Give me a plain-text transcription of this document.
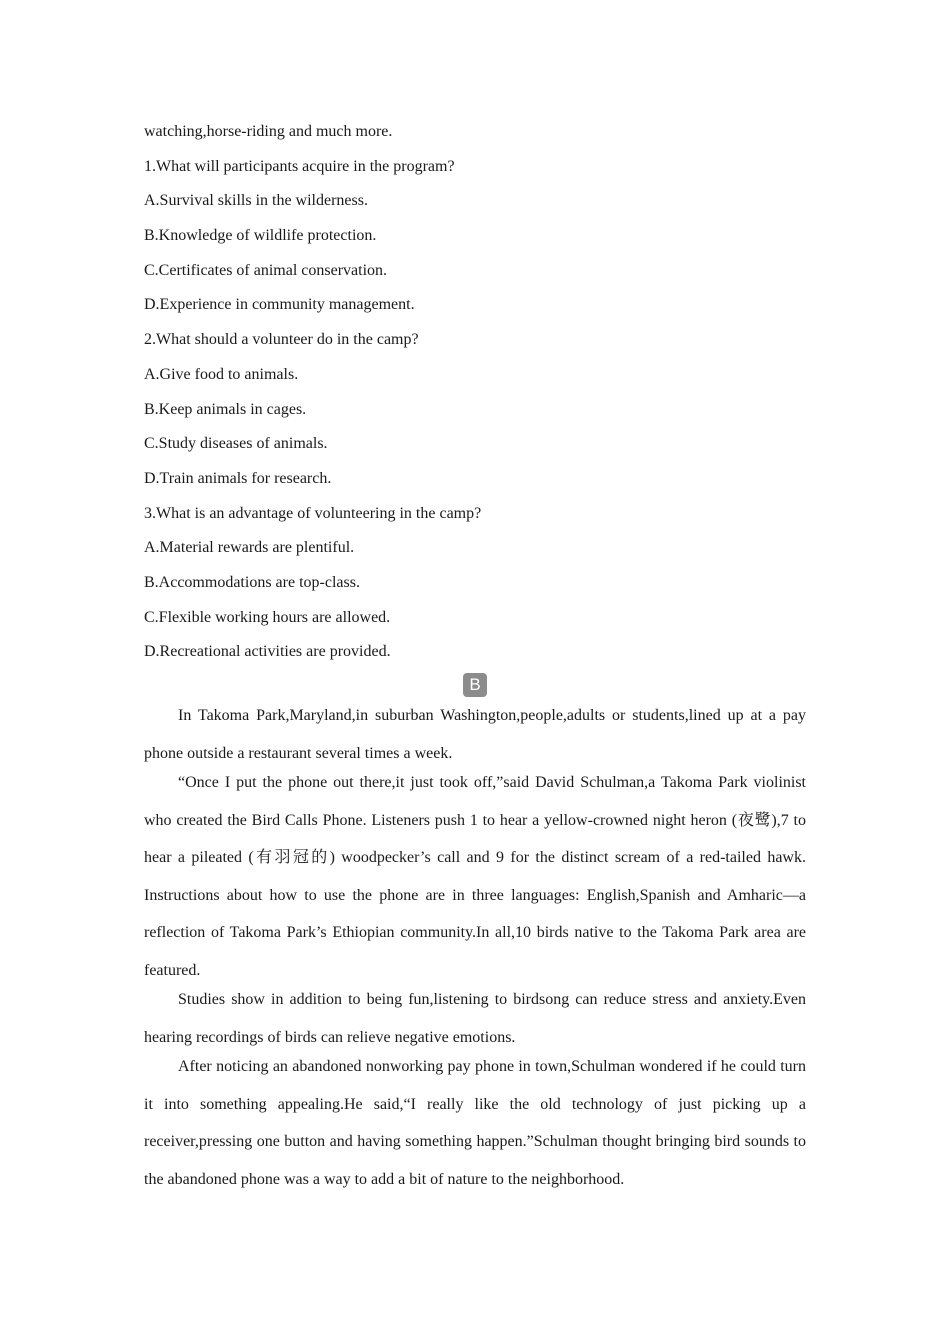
watching,horse-riding and much more.
1.What will participants acquire in the program?
A.Survival skills in the wilderness.
B.Knowledge of wildlife protection.
C.Certificates of animal conservation.
D.Experience in community management.
2.What should a volunteer do in the camp?
A.Give food to animals.
B.Keep animals in cages.
C.Study diseases of animals.
D.Train animals for research.
3.What is an advantage of volunteering in the camp?
A.Material rewards are plentiful.
B.Accommodations are top-class.
C.Flexible working hours are allowed.
D.Recreational activities are provided.
B

In Takoma Park,Maryland,in suburban Washington,people,adults or students,lined up at a pay phone outside a restaurant several times a week.

“Once I put the phone out there,it just took off,”said David Schulman,a Takoma Park violinist who created the Bird Calls Phone. Listeners push 1 to hear a yellow-crowned night heron (夜鹭),7 to hear a pileated (有羽冠的) woodpecker’s call and 9 for the distinct scream of a red-tailed hawk. Instructions about how to use the phone are in three languages: English,Spanish and Amharic—a reflection of Takoma Park’s Ethiopian community.In all,10 birds native to the Takoma Park area are featured.

Studies show in addition to being fun,listening to birdsong can reduce stress and anxiety.Even hearing recordings of birds can relieve negative emotions.

After noticing an abandoned nonworking pay phone in town,Schulman wondered if he could turn it into something appealing.He said,“I really like the old technology of just picking up a receiver,pressing one button and having something happen.”Schulman thought bringing bird sounds to the abandoned phone was a way to add a bit of nature to the neighborhood.
